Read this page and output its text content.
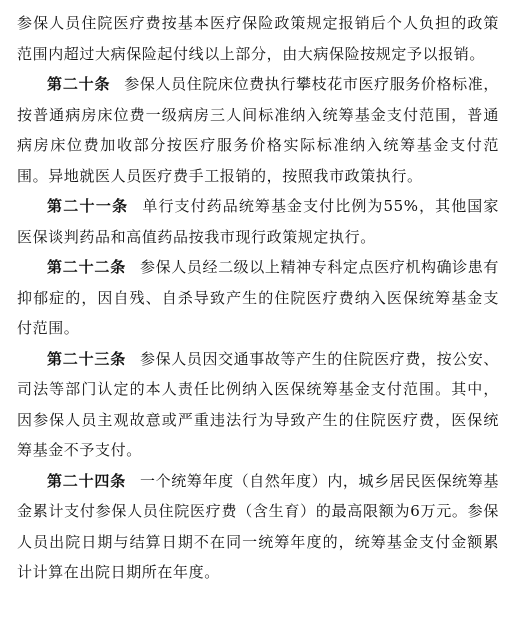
参保人员住院医疗费按基本医疗保险政策规定报销后个人负担的政策范围内超过大病保险起付线以上部分，由大病保险按规定予以报销。

第二十条 参保人员住院床位费执行攀枝花市医疗服务价格标准，按普通病房床位费一级病房三人间标准纳入统筹基金支付范围，普通病房床位费加收部分按医疗服务价格实际标准纳入统筹基金支付范围。异地就医人员医疗费手工报销的，按照我市政策执行。

第二十一条 单行支付药品统筹基金支付比例为55%，其他国家医保谈判药品和高值药品按我市现行政策规定执行。

第二十二条 参保人员经二级以上精神专科定点医疗机构确诊患有抑郁症的，因自残、自杀导致产生的住院医疗费纳入医保统筹基金支付范围。

第二十三条 参保人员因交通事故等产生的住院医疗费，按公安、司法等部门认定的本人责任比例纳入医保统筹基金支付范围。其中，因参保人员主观故意或严重违法行为导致产生的住院医疗费，医保统筹基金不予支付。

第二十四条 一个统筹年度（自然年度）内，城乡居民医保统筹基金累计支付参保人员住院医疗费（含生育）的最高限额为6万元。参保人员出院日期与结算日期不在同一统筹年度的，统筹基金支付金额累计计算在出院日期所在年度。
